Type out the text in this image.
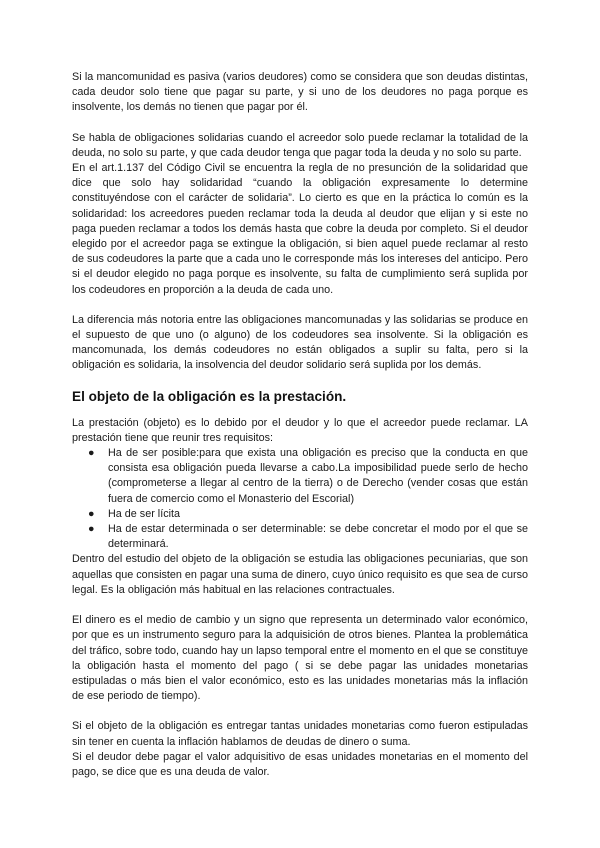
Si la mancomunidad es pasiva (varios deudores) como se considera que son deudas distintas, cada deudor solo tiene que pagar su parte, y si uno de los deudores no paga porque es insolvente, los demás no tienen que pagar por él.

Se habla de obligaciones solidarias cuando el acreedor solo puede reclamar la totalidad de la deuda, no solo su parte, y que cada deudor tenga que pagar toda la deuda y no solo su parte.

En el art.1.137 del Código Civil se encuentra la regla de no presunción de la solidaridad que dice que solo hay solidaridad “cuando la obligación expresamente lo determine constituyéndose con el carácter de solidaria”. Lo cierto es que en la práctica lo común es la solidaridad: los acreedores pueden reclamar toda la deuda al deudor que elijan y si este no paga pueden reclamar a todos los demás hasta que cobre la deuda por completo. Si el deudor elegido por el acreedor paga se extingue la obligación, si bien aquel puede reclamar al resto de sus codeudores la parte que a cada uno le corresponde más los intereses del anticipo. Pero si el deudor elegido no paga porque es insolvente, su falta de cumplimiento será suplida por los codeudores en proporción a la deuda de cada uno.

La diferencia más notoria entre las obligaciones mancomunadas y las solidarias se produce en el supuesto de que uno (o alguno) de los codeudores sea insolvente. Si la obligación es mancomunada, los demás codeudores no están obligados a suplir su falta, pero si la obligación es solidaria, la insolvencia del deudor solidario será suplida por los demás.

El objeto de la obligación es la prestación.

La prestación (objeto) es lo debido por el deudor y lo que el acreedor puede reclamar. LA prestación tiene que reunir tres requisitos:

● Ha de ser posible:para que exista una obligación es preciso que la conducta en que consista esa obligación pueda llevarse a cabo.La imposibilidad puede serlo de hecho (comprometerse a llegar al centro de la tierra) o de Derecho (vender cosas que están fuera de comercio como el Monasterio del Escorial)
● Ha de ser lícita
● Ha de estar determinada o ser determinable: se debe concretar el modo por el que se determinará.

Dentro del estudio del objeto de la obligación se estudia las obligaciones pecuniarias, que son aquellas que consisten en pagar una suma de dinero, cuyo único requisito es que sea de curso legal. Es la obligación más habitual en las relaciones contractuales.

El dinero es el medio de cambio y un signo que representa un determinado valor económico, por que es un instrumento seguro para la adquisición de otros bienes. Plantea la problemática del tráfico, sobre todo, cuando hay un lapso temporal entre el momento en el que se constituye la obligación hasta el momento del pago ( si se debe pagar las unidades monetarias estipuladas o más bien el valor económico, esto es las unidades monetarias más la inflación de ese periodo de tiempo).

Si el objeto de la obligación es entregar tantas unidades monetarias como fueron estipuladas sin tener en cuenta la inflación hablamos de deudas de dinero o suma.

Si el deudor debe pagar el valor adquisitivo de esas unidades monetarias en el momento del pago, se dice que es una deuda de valor.
